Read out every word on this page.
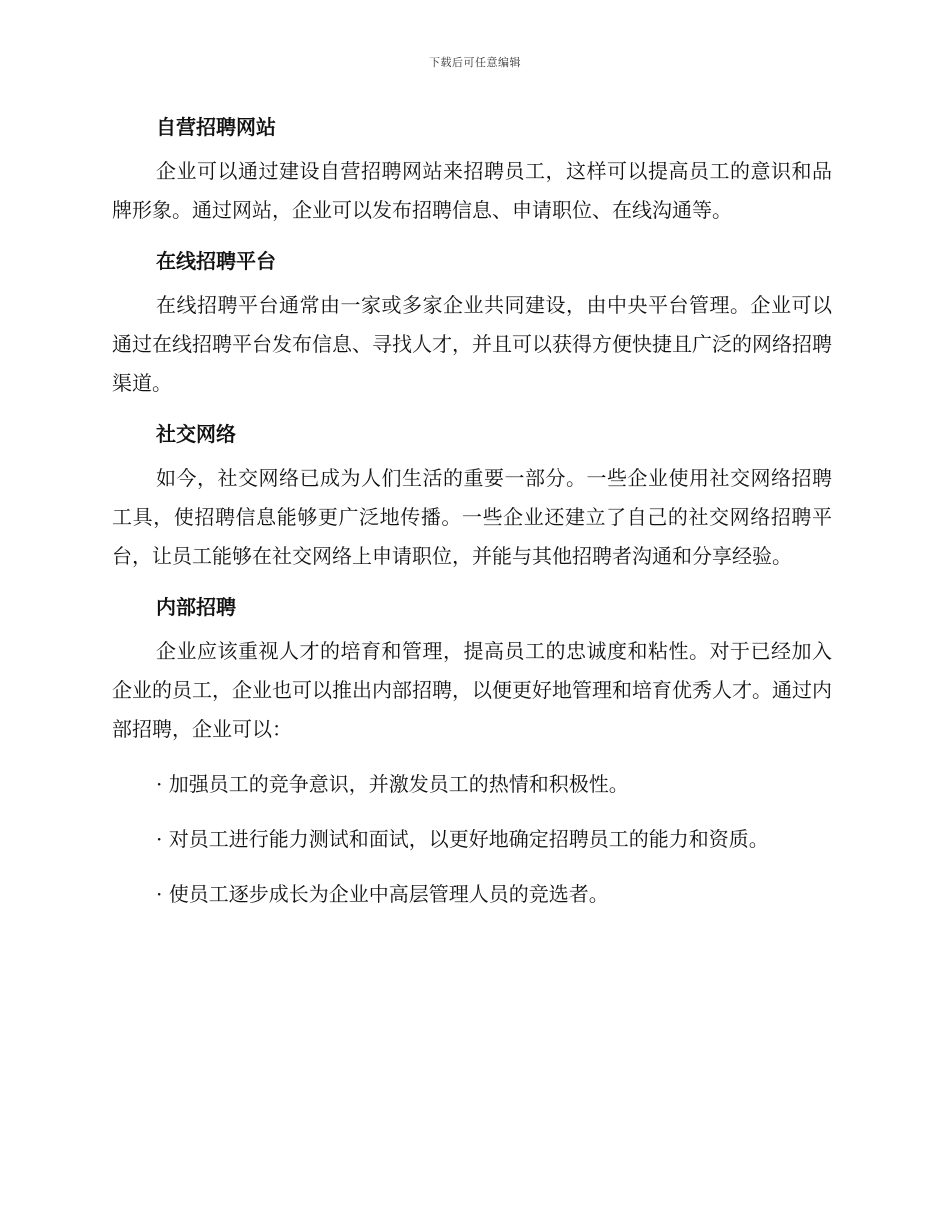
下载后可任意编辑
自营招聘网站

企业可以通过建设自营招聘网站来招聘员工，这样可以提高员工的意识和品牌形象。通过网站，企业可以发布招聘信息、申请职位、在线沟通等。

在线招聘平台

在线招聘平台通常由一家或多家企业共同建设，由中央平台管理。企业可以通过在线招聘平台发布信息、寻找人才，并且可以获得方便快捷且广泛的网络招聘渠道。

社交网络

如今，社交网络已成为人们生活的重要一部分。一些企业使用社交网络招聘工具，使招聘信息能够更广泛地传播。一些企业还建立了自己的社交网络招聘平台，让员工能够在社交网络上申请职位，并能与其他招聘者沟通和分享经验。

内部招聘

企业应该重视人才的培育和管理，提高员工的忠诚度和粘性。对于已经加入企业的员工，企业也可以推出内部招聘，以便更好地管理和培育优秀人才。通过内部招聘，企业可以：

· 加强员工的竞争意识，并激发员工的热情和积极性。
· 对员工进行能力测试和面试，以更好地确定招聘员工的能力和资质。
· 使员工逐步成长为企业中高层管理人员的竞选者。
